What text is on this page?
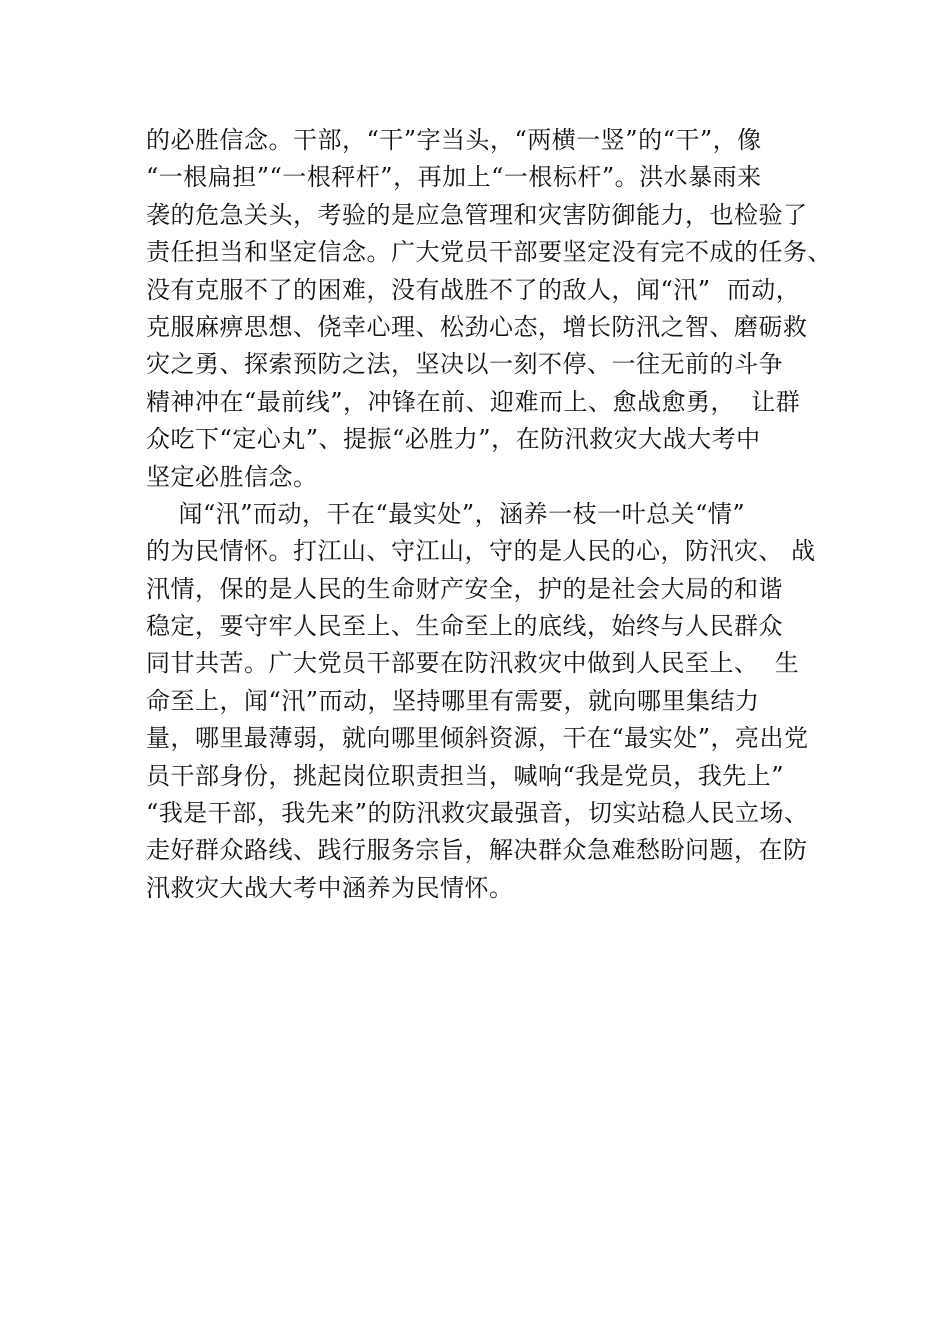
的必胜信念。干部，“干”字当头，“两横一竖”的“干”，像
“一根扁担”“一根秤杆”，再加上“一根标杆”。洪水暴雨来
袭的危急关头，考验的是应急管理和灾害防御能力，也检验了
责任担当和坚定信念。广大党员干部要坚定没有完不成的任务、
没有克服不了的困难，没有战胜不了的敌人，闻“汛”  而动，
克服麻痹思想、侥幸心理、松劲心态，增长防汛之智、磨砺救
灾之勇、探索预防之法，坚决以一刻不停、一往无前的斗争
精神冲在“最前线”，冲锋在前、迎难而上、愈战愈勇，  让群
众吃下“定心丸”、提振“必胜力”，在防汛救灾大战大考中
坚定必胜信念。
闻“汛”而动，干在“最实处”，涵养一枝一叶总关“情”
的为民情怀。打江山、守江山，守的是人民的心，防汛灾、 战
汛情，保的是人民的生命财产安全，护的是社会大局的和谐
稳定，要守牢人民至上、生命至上的底线，始终与人民群众
同甘共苦。广大党员干部要在防汛救灾中做到人民至上、  生
命至上，闻“汛”而动，坚持哪里有需要，就向哪里集结力
量，哪里最薄弱，就向哪里倾斜资源，干在“最实处”，亮出党
员干部身份，挑起岗位职责担当，喊响“我是党员，我先上”
“我是干部，我先来”的防汛救灾最强音，切实站稳人民立场、
走好群众路线、践行服务宗旨，解决群众急难愁盼问题，在防
汛救灾大战大考中涵养为民情怀。
